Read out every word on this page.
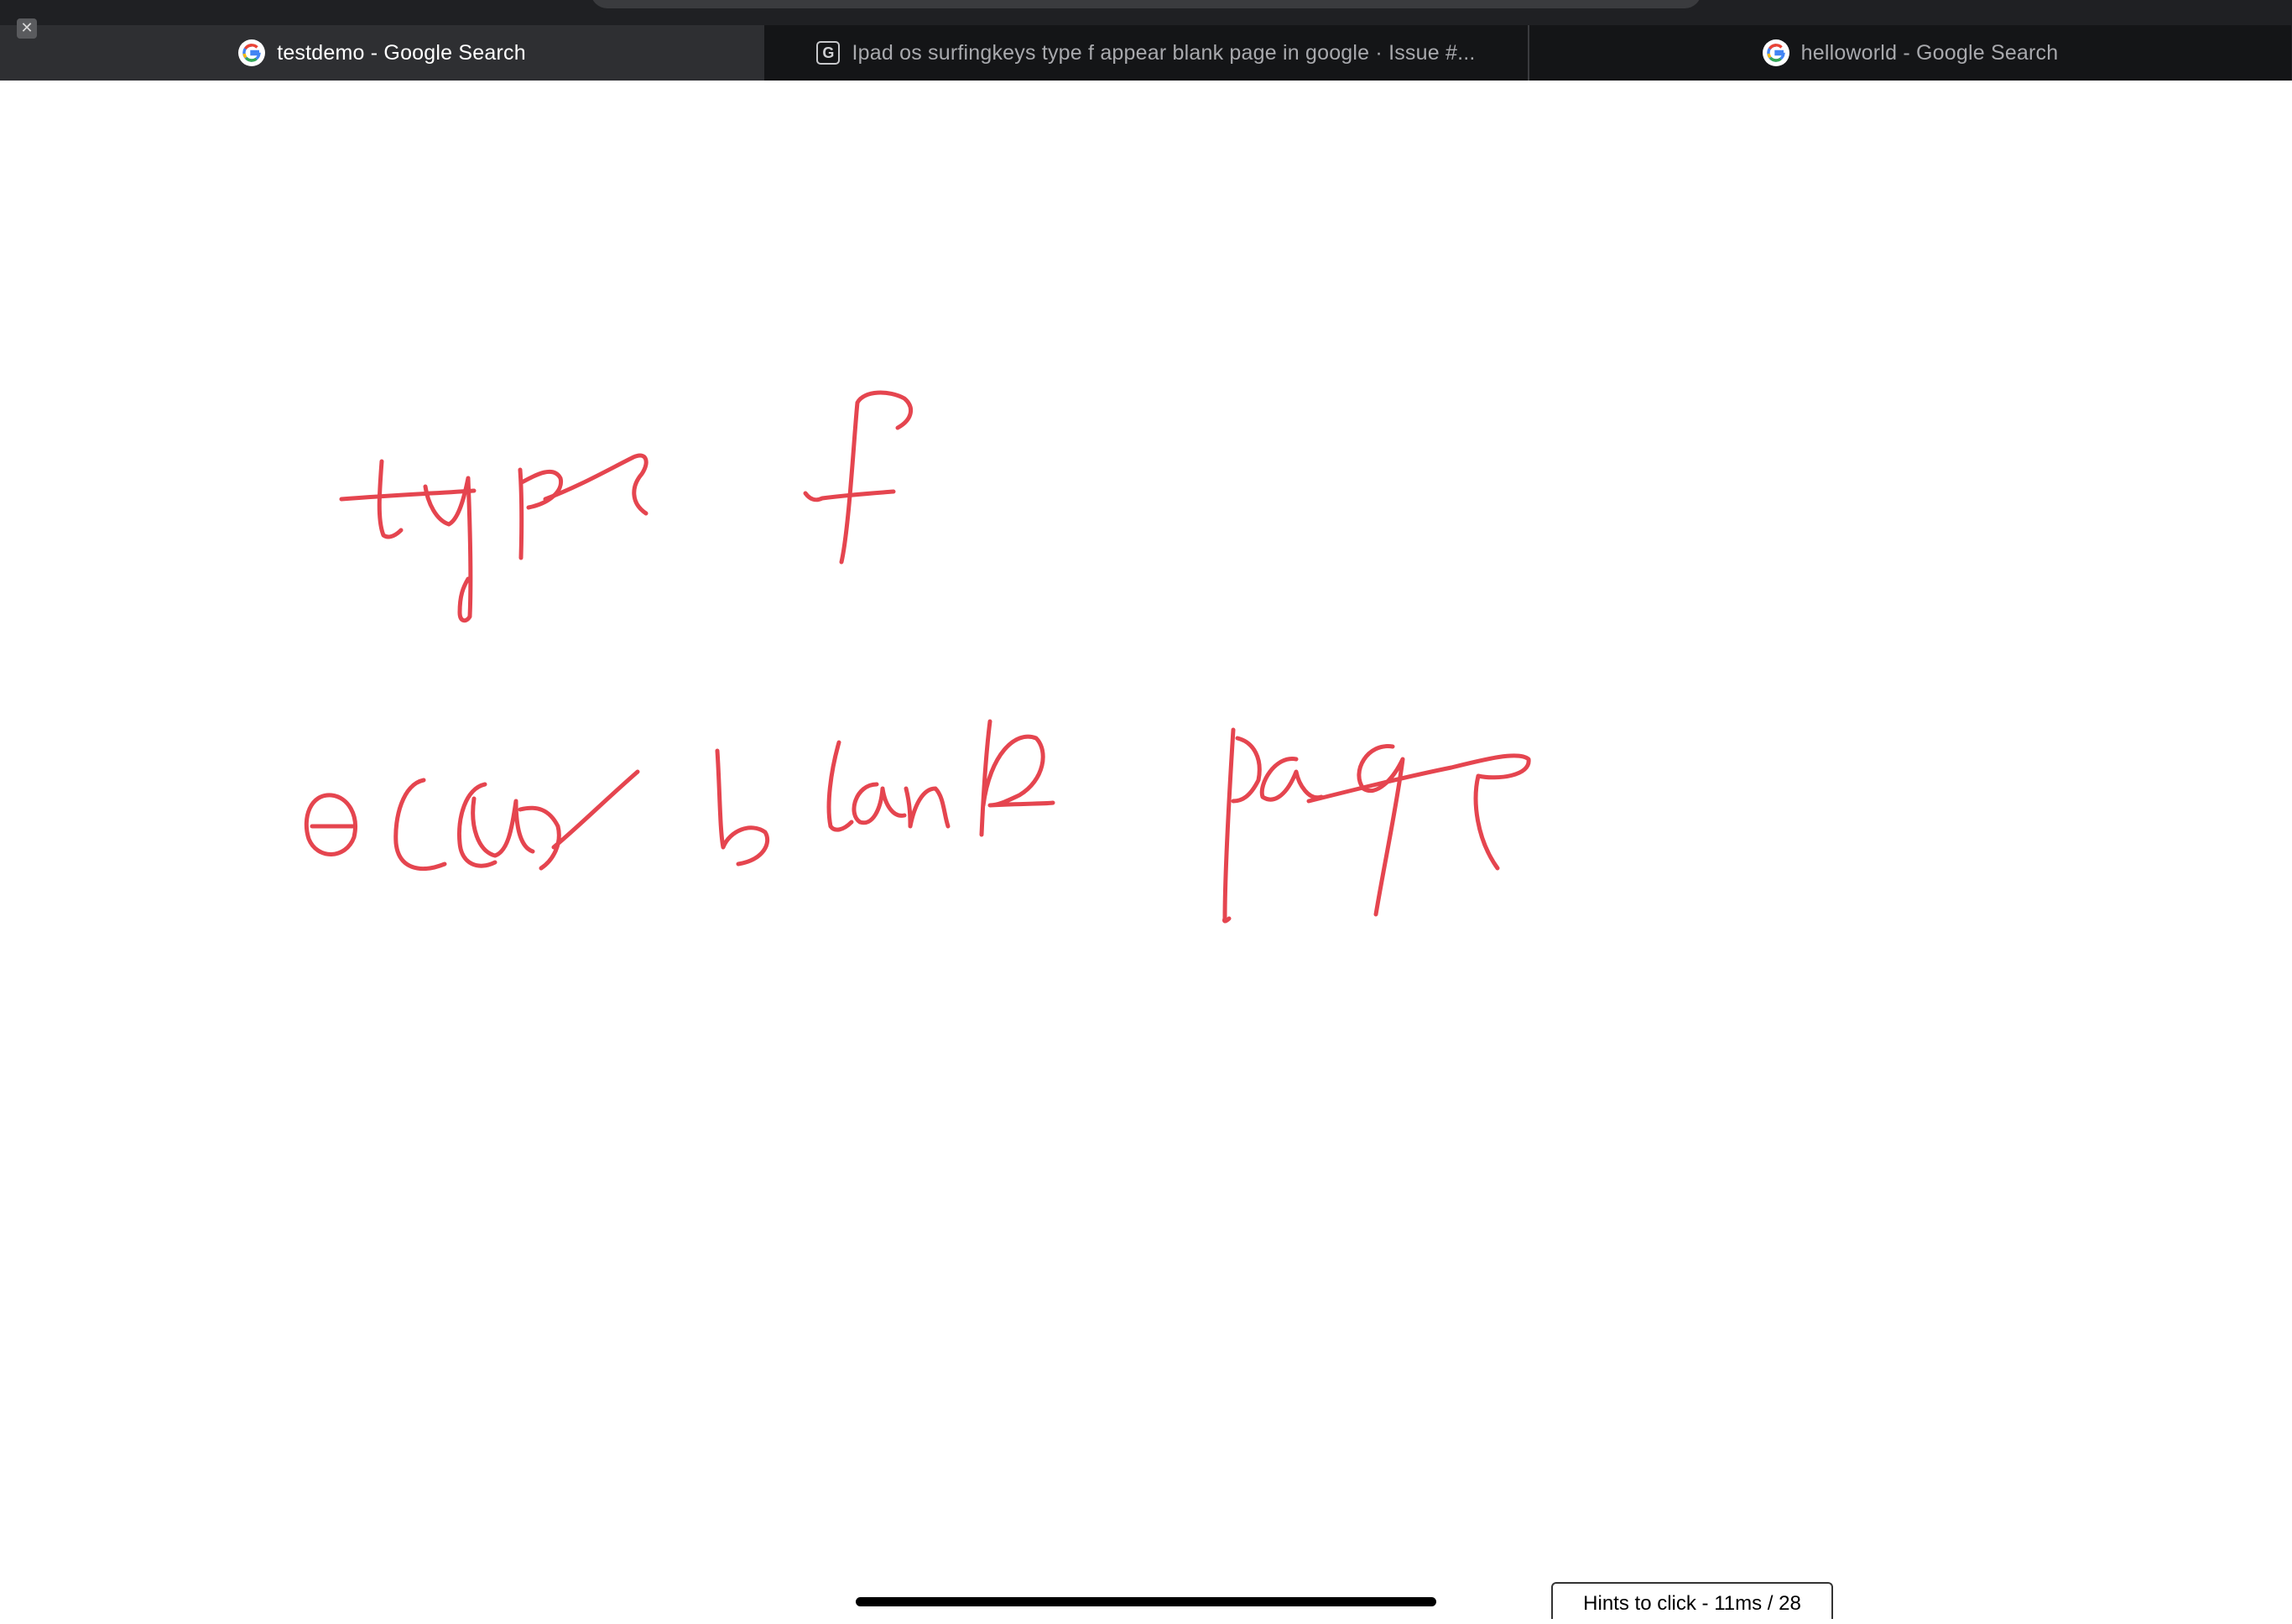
testdemo - Google Search	G Ipad os surfingkeys type f appear blank page in google · Issue #...	helloworld - Google Search
✕
Hints to click - 11ms / 28
